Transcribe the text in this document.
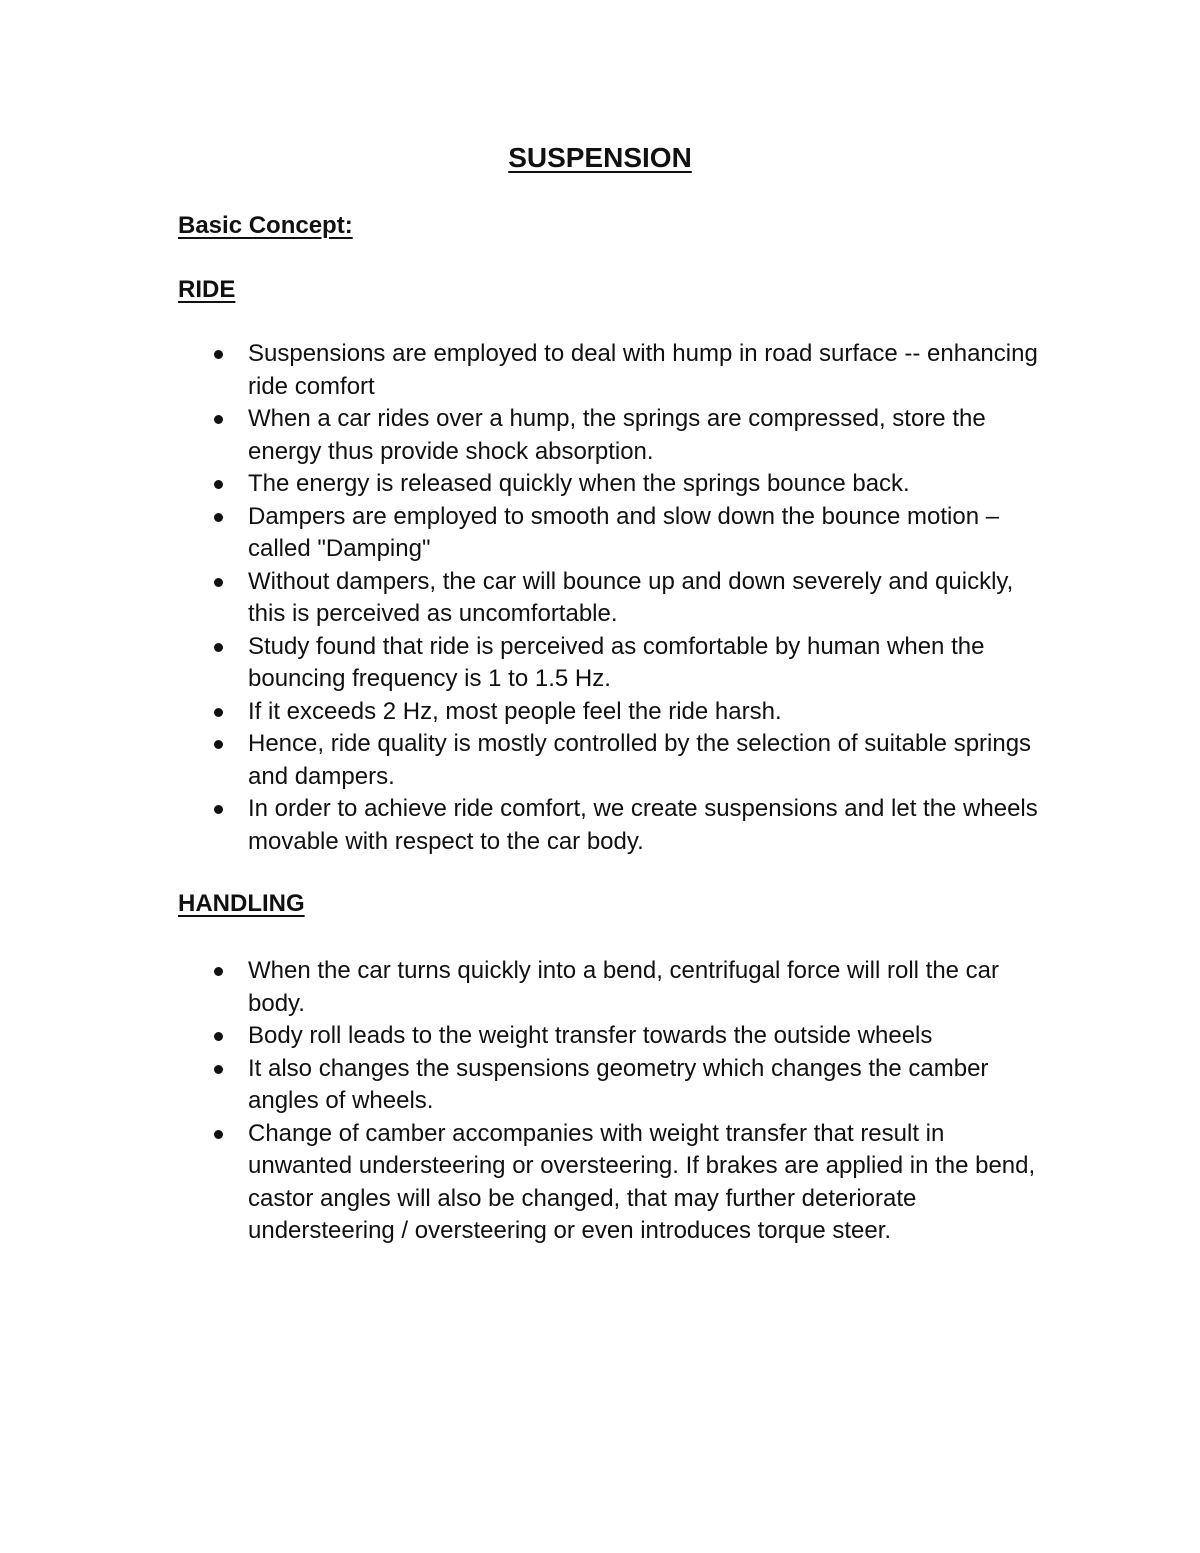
SUSPENSION
Basic Concept:
RIDE
Suspensions are employed to deal with hump in road surface -- enhancing ride comfort
When a car rides over a hump, the springs are compressed, store the energy thus provide shock absorption.
The energy is released quickly when the springs bounce back.
Dampers are employed to smooth and slow down the bounce motion – called "Damping"
Without dampers, the car will bounce up and down severely and quickly, this is perceived as uncomfortable.
Study found that ride is perceived as comfortable by human when the bouncing frequency is 1 to 1.5 Hz.
If it exceeds 2 Hz, most people feel the ride harsh.
Hence, ride quality is mostly controlled by the selection of suitable springs and dampers.
In order to achieve ride comfort, we create suspensions and let the wheels movable with respect to the car body.
HANDLING
When the car turns quickly into a bend, centrifugal force will roll the car body.
Body roll leads to the weight transfer towards the outside wheels
It also changes the suspensions geometry which changes the camber angles of wheels.
Change of camber accompanies with weight transfer that result in unwanted understeering or oversteering. If brakes are applied in the bend, castor angles will also be changed, that may further deteriorate understeering / oversteering or even introduces torque steer.
